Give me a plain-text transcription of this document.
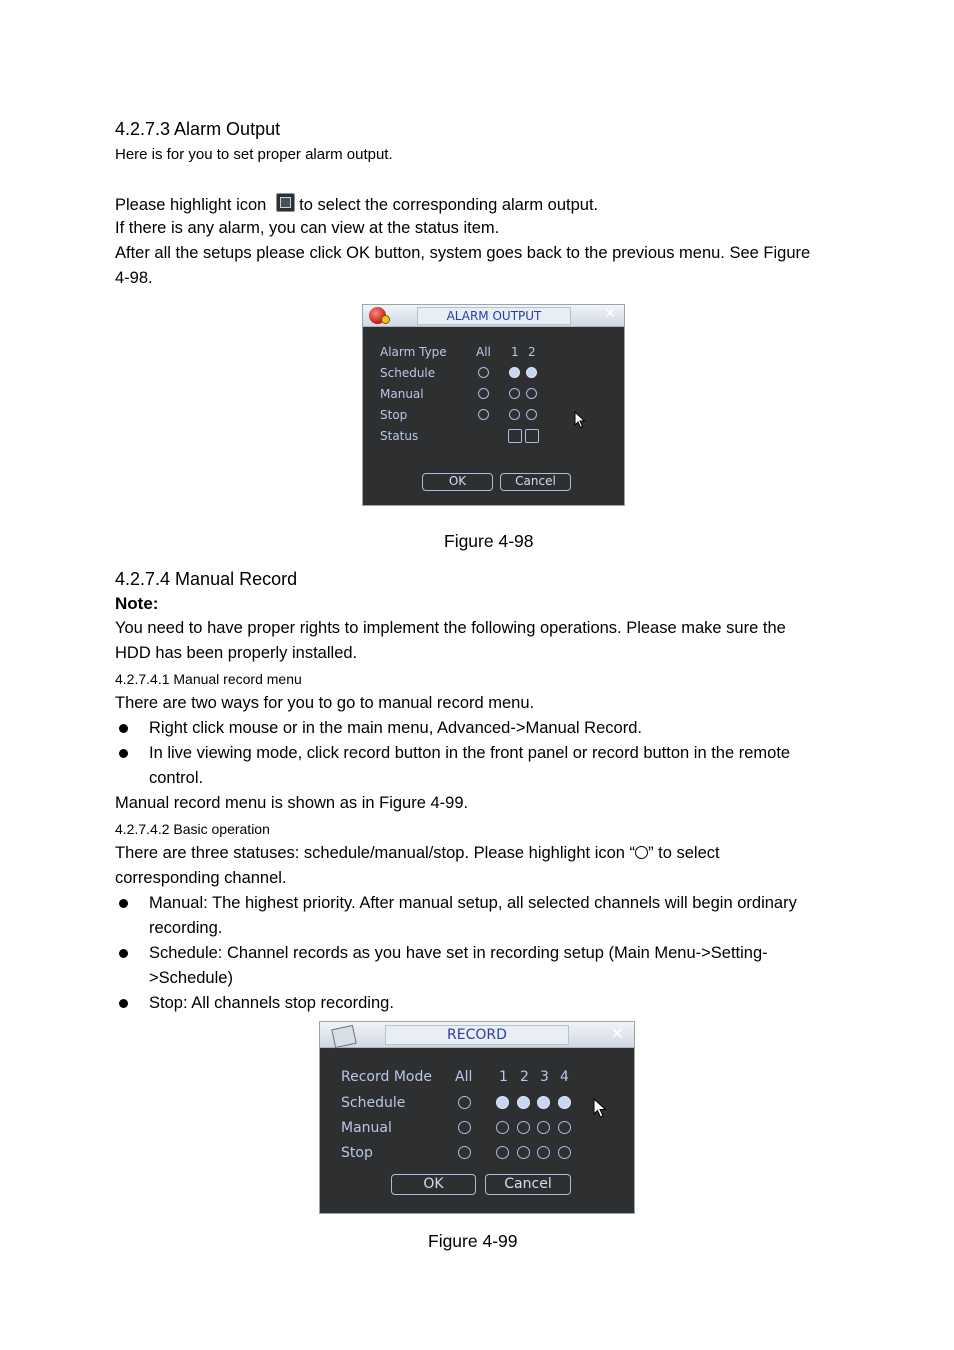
4.2.7.3 Alarm Output
Here is for you to set proper alarm output.
Please highlight icon to select the corresponding alarm output.
If there is any alarm, you can view at the status item.
After all the setups please click OK button, system goes back to the previous menu. See Figure
4-98.
ALARM OUTPUT	✕
Alarm Type All 1 2
Schedule
Manual
Stop
Status
OK	Cancel
Figure 4-98
4.2.7.4 Manual Record
Note:
You need to have proper rights to implement the following operations. Please make sure the
HDD has been properly installed.
4.2.7.4.1 Manual record menu
There are two ways for you to go to manual record menu.
Right click mouse or in the main menu, Advanced->Manual Record.
In live viewing mode, click record button in the front panel or record button in the remote
control.
Manual record menu is shown as in Figure 4-99.
4.2.7.4.2 Basic operation
There are three statuses: schedule/manual/stop. Please highlight icon “ ” to select
corresponding channel.
Manual: The highest priority. After manual setup, all selected channels will begin ordinary
recording.
Schedule: Channel records as you have set in recording setup (Main Menu->Setting-
>Schedule)
Stop: All channels stop recording.
RECORD	✕
Record Mode All 1 2 3 4
Schedule
Manual
Stop
OK	Cancel
Figure 4-99
